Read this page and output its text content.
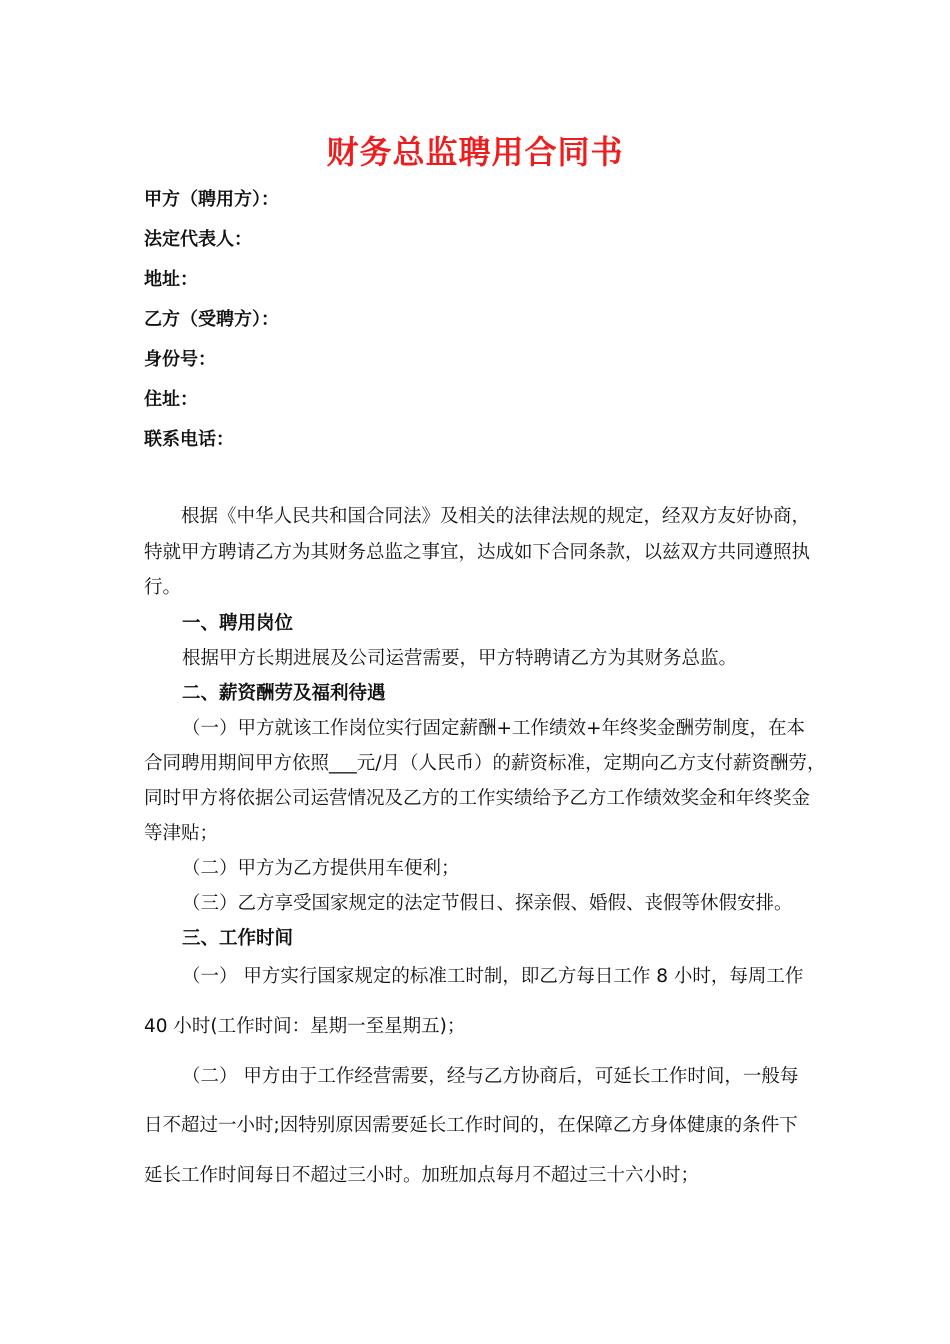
财务总监聘用合同书
甲方（聘用方）：
法定代表人：
地址：
乙方（受聘方）：
身份号：
住址：
联系电话：
　　根据《中华人民共和国合同法》及相关的法律法规的规定，经双方友好协商，
特就甲方聘请乙方为其财务总监之事宜，达成如下合同条款，以兹双方共同遵照执
行。
一、聘用岗位
根据甲方长期进展及公司运营需要，甲方特聘请乙方为其财务总监。
二、薪资酬劳及福利待遇
（一）甲方就该工作岗位实行固定薪酬+工作绩效+年终奖金酬劳制度，在本
合同聘用期间甲方依照___元/月（人民币）的薪资标准，定期向乙方支付薪资酬劳，
同时甲方将依据公司运营情况及乙方的工作实绩给予乙方工作绩效奖金和年终奖金
等津贴；
（二）甲方为乙方提供用车便利；
（三）乙方享受国家规定的法定节假日、探亲假、婚假、丧假等休假安排。
三、工作时间
（一） 甲方实行国家规定的标准工时制，即乙方每日工作 8 小时，每周工作
40 小时(工作时间：星期一至星期五)；
（二） 甲方由于工作经营需要，经与乙方协商后，可延长工作时间，一般每
日不超过一小时;因特别原因需要延长工作时间的，在保障乙方身体健康的条件下
延长工作时间每日不超过三小时。加班加点每月不超过三十六小时；
